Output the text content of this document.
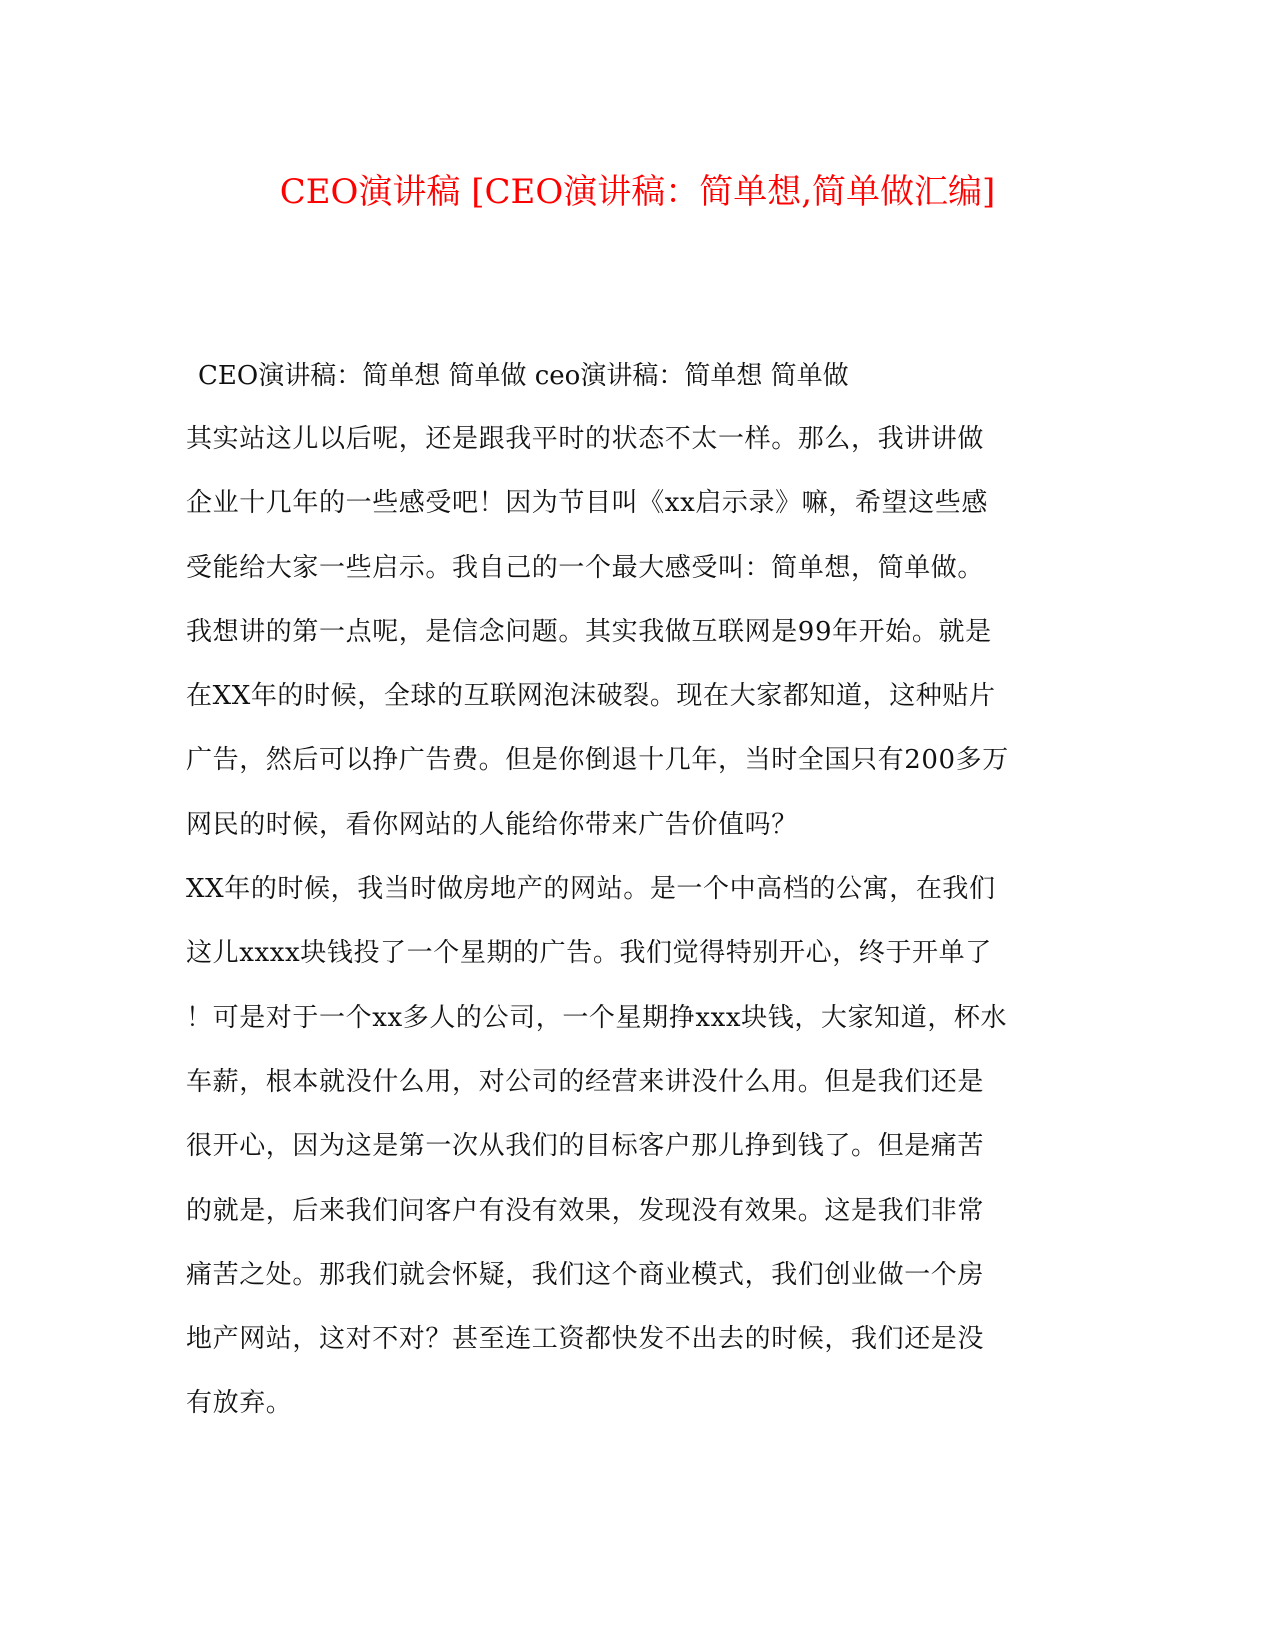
CEO演讲稿 [CEO演讲稿：简单想,简单做汇编]
CEO演讲稿：简单想 简单做 ceo演讲稿：简单想 简单做
其实站这儿以后呢，还是跟我平时的状态不太一样。那么，我讲讲做
企业十几年的一些感受吧！因为节目叫《xx启示录》嘛，希望这些感
受能给大家一些启示。我自己的一个最大感受叫：简单想，简单做。
我想讲的第一点呢，是信念问题。其实我做互联网是99年开始。就是
在XX年的时候，全球的互联网泡沫破裂。现在大家都知道，这种贴片
广告，然后可以挣广告费。但是你倒退十几年，当时全国只有200多万
网民的时候，看你网站的人能给你带来广告价值吗？
XX年的时候，我当时做房地产的网站。是一个中高档的公寓，在我们
这儿xxxx块钱投了一个星期的广告。我们觉得特别开心，终于开单了
！可是对于一个xx多人的公司，一个星期挣xxx块钱，大家知道，杯水
车薪，根本就没什么用，对公司的经营来讲没什么用。但是我们还是
很开心，因为这是第一次从我们的目标客户那儿挣到钱了。但是痛苦
的就是，后来我们问客户有没有效果，发现没有效果。这是我们非常
痛苦之处。那我们就会怀疑，我们这个商业模式，我们创业做一个房
地产网站，这对不对？甚至连工资都快发不出去的时候，我们还是没
有放弃。
